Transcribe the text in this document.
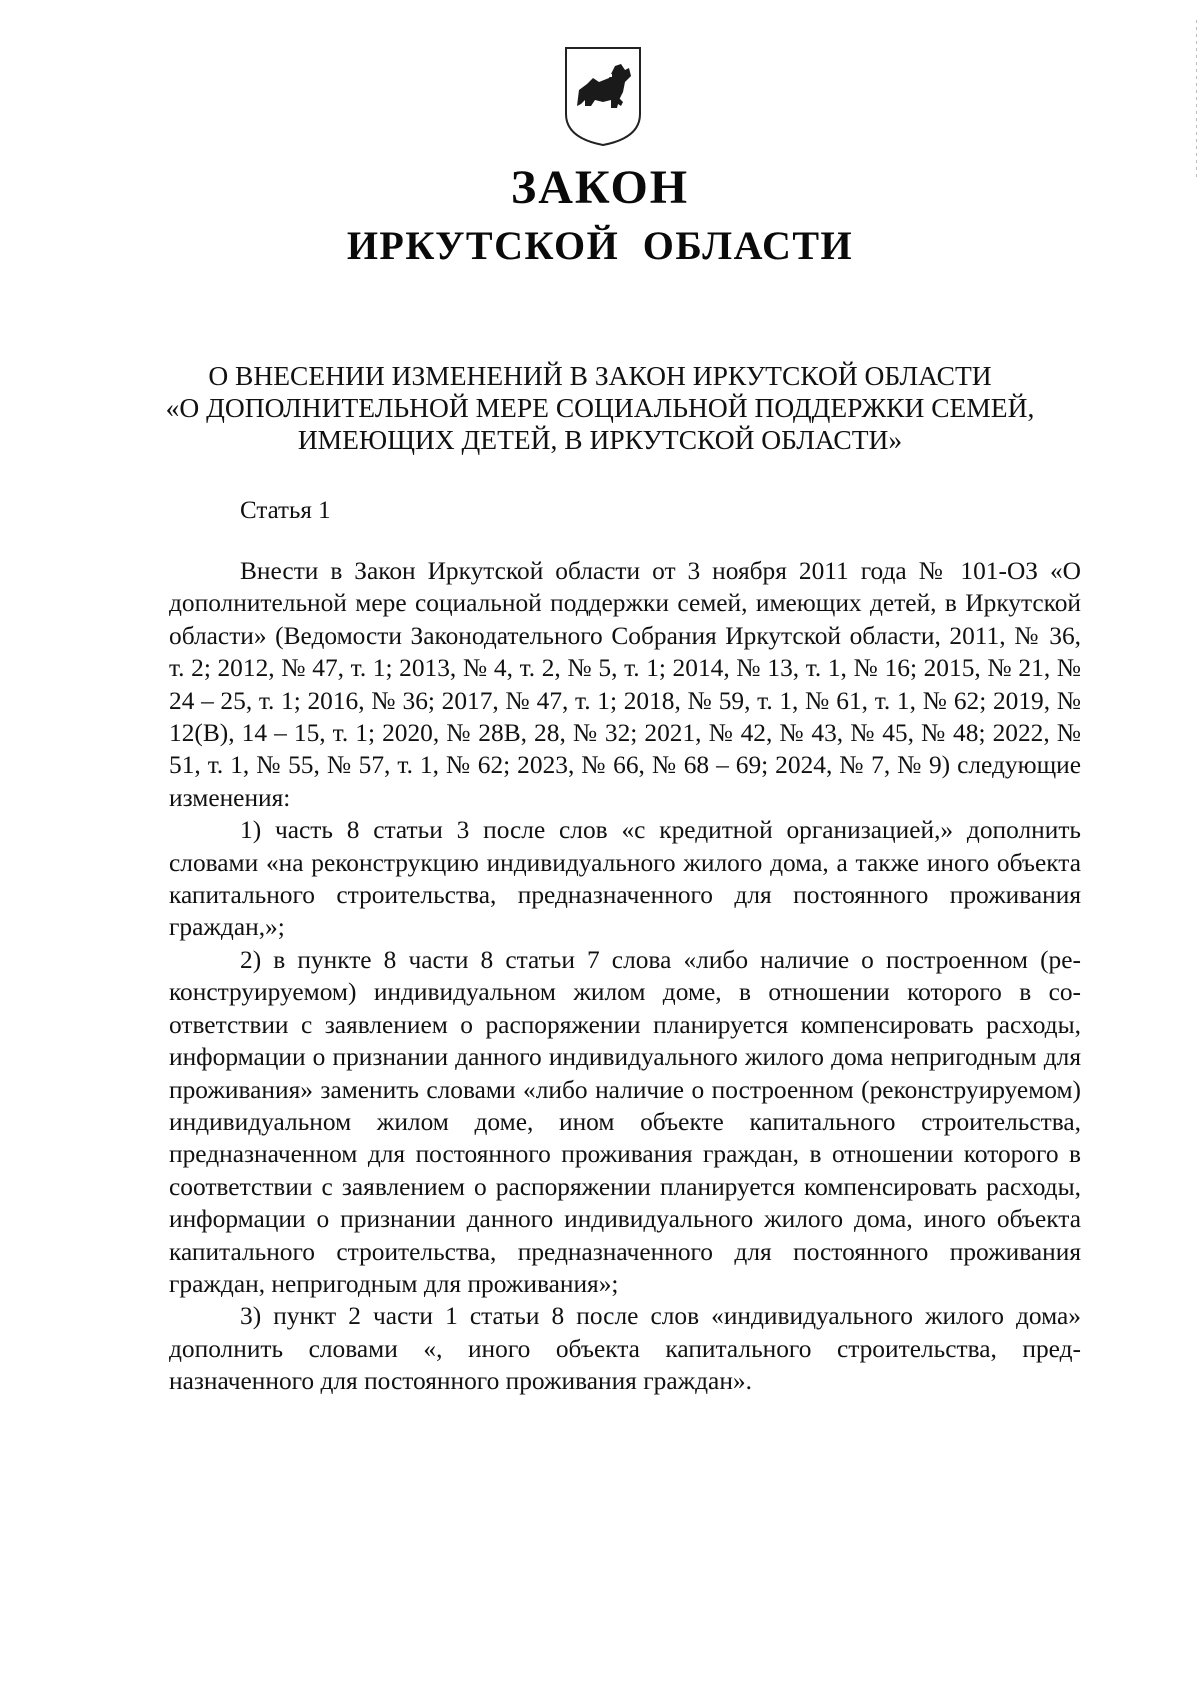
ЗАКОН
ИРКУТСКОЙ ОБЛАСТИ
О ВНЕСЕНИИ ИЗМЕНЕНИЙ В ЗАКОН ИРКУТСКОЙ ОБЛАСТИ
«О ДОПОЛНИТЕЛЬНОЙ МЕРЕ СОЦИАЛЬНОЙ ПОДДЕРЖКИ СЕМЕЙ,
ИМЕЮЩИХ ДЕТЕЙ, В ИРКУТСКОЙ ОБЛАСТИ»
Статья 1

Внести в Закон Иркутской области от 3 ноября 2011 года № 101-ОЗ «О дополнительной мере социальной поддержки семей, имеющих детей, в Иркутской области» (Ведомости Законодательного Собрания Иркутской области, 2011, № 36, т. 2; 2012, № 47, т. 1; 2013, № 4, т. 2, № 5, т. 1; 2014, № 13, т. 1, № 16; 2015, № 21, № 24 – 25, т. 1; 2016, № 36; 2017, № 47, т. 1; 2018, № 59, т. 1, № 61, т. 1, № 62; 2019, № 12(В), 14 – 15, т. 1; 2020, № 28В, 28, № 32; 2021, № 42, № 43, № 45, № 48; 2022, № 51, т. 1, № 55, № 57, т. 1, № 62; 2023, № 66, № 68 – 69; 2024, № 7, № 9) следующие изменения:

1) часть 8 статьи 3 после слов «с кредитной организацией,» дополнить словами «на реконструкцию индивидуального жилого дома, а также иного объекта капитального строительства, предназначенного для постоянного проживания граждан,»;

2) в пункте 8 части 8 статьи 7 слова «либо наличие о построенном (реконструируемом) индивидуальном жилом доме, в отношении которого в соответствии с заявлением о распоряжении планируется компенсировать расходы, информации о признании данного индивидуального жилого дома непригодным для проживания» заменить словами «либо наличие о построенном (реконструируемом) индивидуальном жилом доме, ином объекте капитального строительства, предназначенном для постоянного проживания граждан, в отношении которого в соответствии с заявлением о распоряжении планируется компенсировать расходы, информации о признании данного индивидуального жилого дома, иного объекта капитального строительства, предназначенного для постоянного проживания граждан, непригодным для проживания»;

3) пункт 2 части 1 статьи 8 после слов «индивидуального жилого дома» дополнить словами «, иного объекта капитального строительства, предназначенного для постоянного проживания граждан».
